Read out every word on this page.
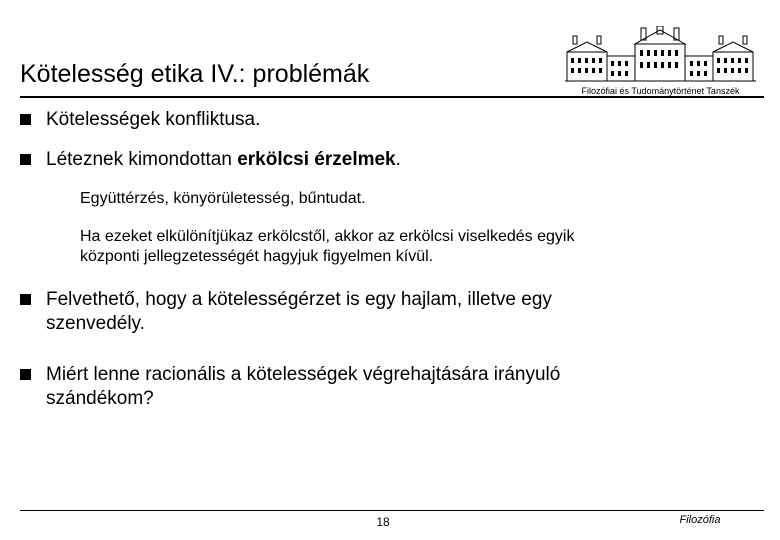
Kötelesség etika IV.: problémák
Filozófiai és Tudománytörténet Tanszék
Kötelességek konfliktusa.
Léteznek kimondottan erkölcsi érzelmek.
Együttérzés, könyörületesség, bűntudat.
Ha ezeket elkülönítjükaz erkölcstől, akkor az erkölcsi viselkedés egyik
központi jellegzetességét hagyjuk figyelmen kívül.
Felvethető, hogy a kötelességérzet is egy hajlam, illetve egy
szenvedély.
Miért lenne racionális a kötelességek végrehajtására irányuló
szándékom?
18	Filozófia
